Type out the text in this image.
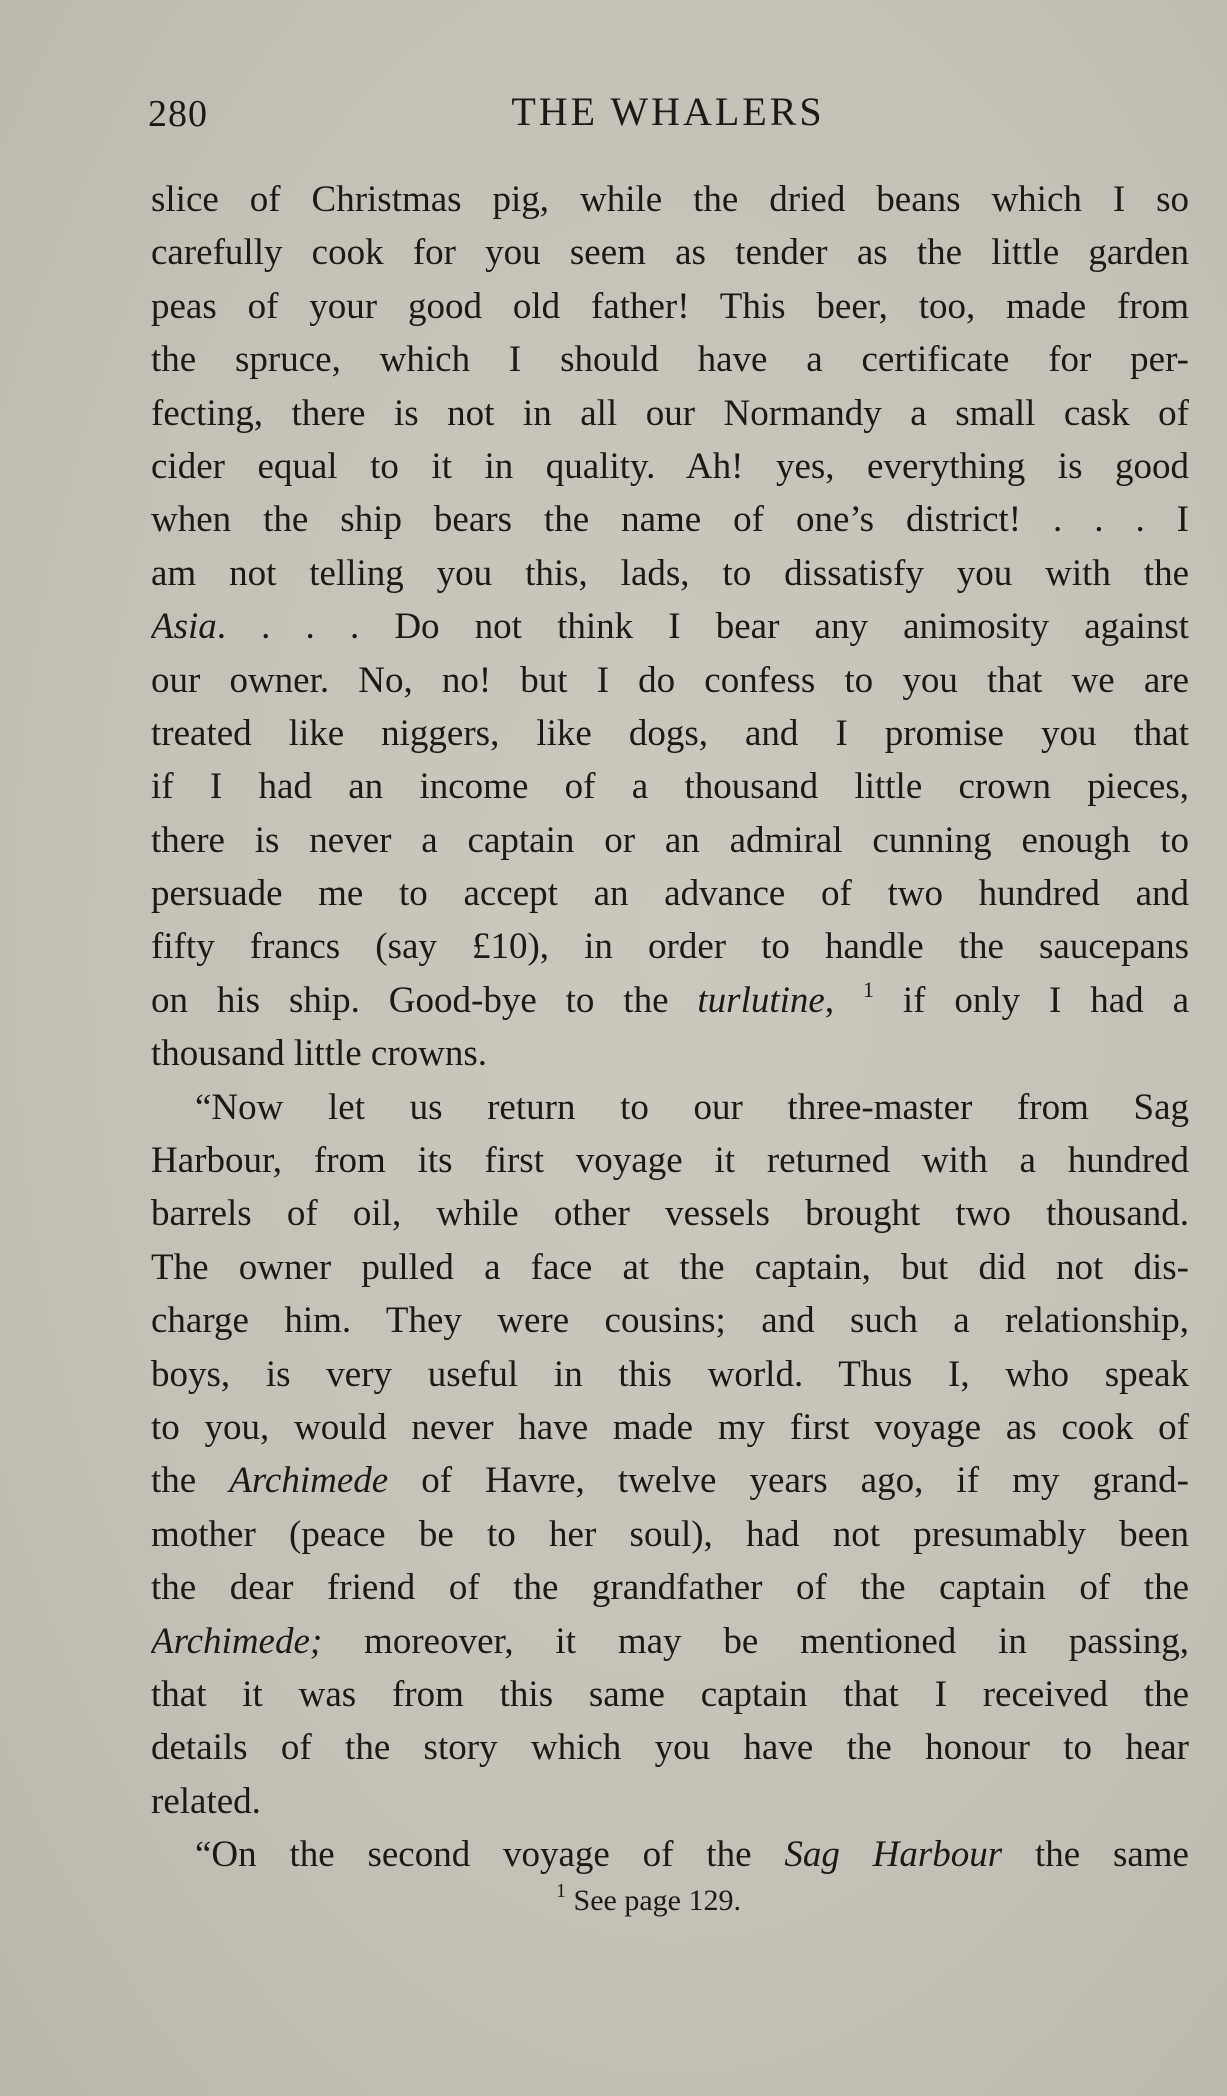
280	THE WHALERS
slice of Christmas pig, while the dried beans which I so
carefully cook for you seem as tender as the little garden
peas of your good old father! This beer, too, made from
the spruce, which I should have a certificate for per-
fecting, there is not in all our Normandy a small cask of
cider equal to it in quality. Ah! yes, everything is good
when the ship bears the name of one’s district! . . . I
am not telling you this, lads, to dissatisfy you with the
Asia. . . . Do not think I bear any animosity against
our owner. No, no! but I do confess to you that we are
treated like niggers, like dogs, and I promise you that
if I had an income of a thousand little crown pieces,
there is never a captain or an admiral cunning enough to
persuade me to accept an advance of two hundred and
fifty francs (say £10), in order to handle the saucepans
on his ship. Good-bye to the turlutine, $^1$ if only I had a
thousand little crowns.
“Now let us return to our three-master from Sag
Harbour, from its first voyage it returned with a hundred
barrels of oil, while other vessels brought two thousand.
The owner pulled a face at the captain, but did not dis-
charge him. They were cousins; and such a relationship,
boys, is very useful in this world. Thus I, who speak
to you, would never have made my first voyage as cook of
the Archimede of Havre, twelve years ago, if my grand-
mother (peace be to her soul), had not presumably been
the dear friend of the grandfather of the captain of the
Archimede; moreover, it may be mentioned in passing,
that it was from this same captain that I received the
details of the story which you have the honour to hear
related.
“On the second voyage of the Sag Harbour the same
$^1$ See page 129.
